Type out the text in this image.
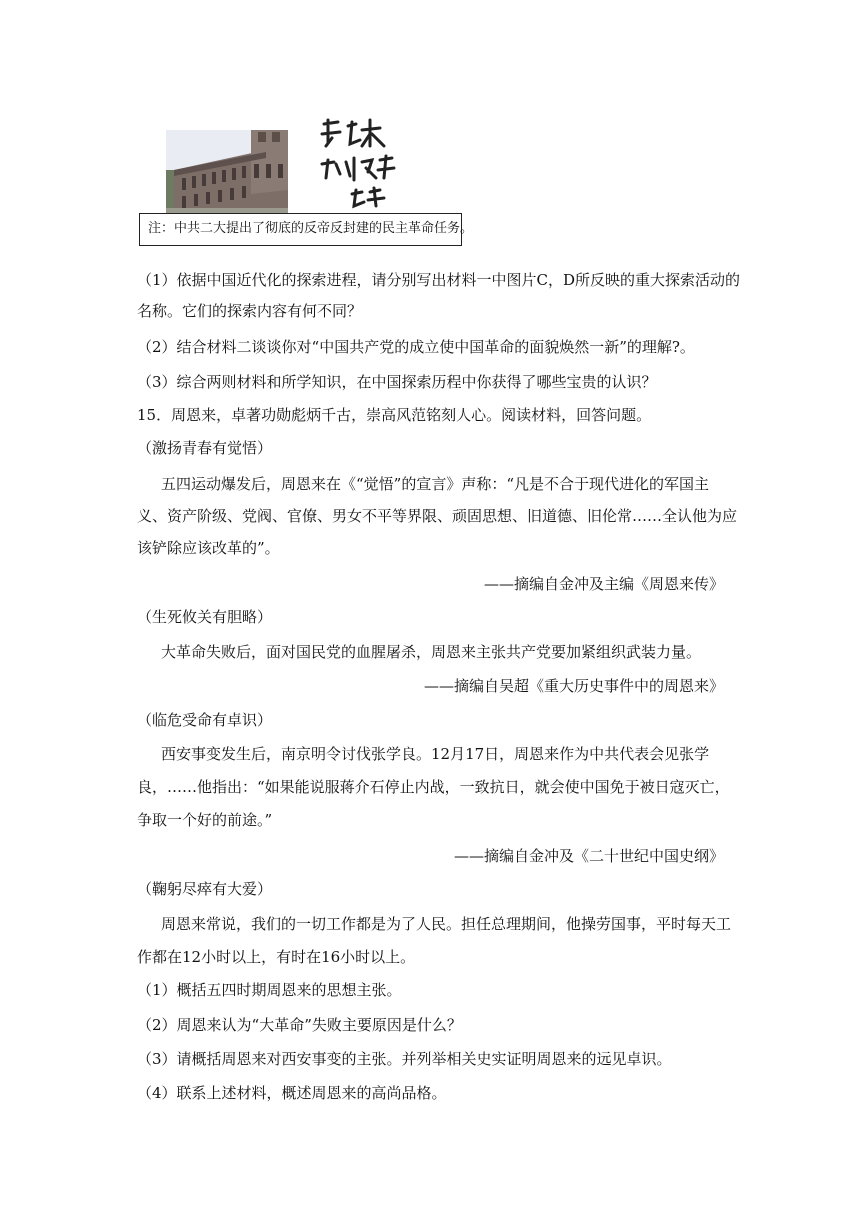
注：中共二大提出了彻底的反帝反封建的民主革命任务。
（1）依据中国近代化的探索进程，请分别写出材料一中图片C，D所反映的重大探索活动的
名称。它们的探索内容有何不同？
（2）结合材料二谈谈你对“中国共产党的成立使中国革命的面貌焕然一新”的理解?。
（3）综合两则材料和所学知识，在中国探索历程中你获得了哪些宝贵的认识？
15．周恩来，卓著功勋彪炳千古，崇高风范铭刻人心。阅读材料，回答问题。
（激扬青春有觉悟）
五四运动爆发后，周恩来在《“觉悟”的宣言》声称：“凡是不合于现代进化的军国主
义、资产阶级、党阀、官僚、男女不平等界限、顽固思想、旧道德、旧伦常……全认他为应
该铲除应该改革的”。
——摘编自金冲及主编《周恩来传》
（生死攸关有胆略）
大革命失败后，面对国民党的血腥屠杀，周恩来主张共产党要加紧组织武装力量。
——摘编自吴超《重大历史事件中的周恩来》
（临危受命有卓识）
西安事变发生后，南京明令讨伐张学良。12月17日，周恩来作为中共代表会见张学
良，……他指出：“如果能说服蒋介石停止内战，一致抗日，就会使中国免于被日寇灭亡，
争取一个好的前途。”
——摘编自金冲及《二十世纪中国史纲》
（鞠躬尽瘁有大爱）
周恩来常说，我们的一切工作都是为了人民。担任总理期间，他操劳国事，平时每天工
作都在12小时以上，有时在16小时以上。
（1）概括五四时期周恩来的思想主张。
（2）周恩来认为“大革命”失败主要原因是什么？
（3）请概括周恩来对西安事变的主张。并列举相关史实证明周恩来的远见卓识。
（4）联系上述材料，概述周恩来的高尚品格。
